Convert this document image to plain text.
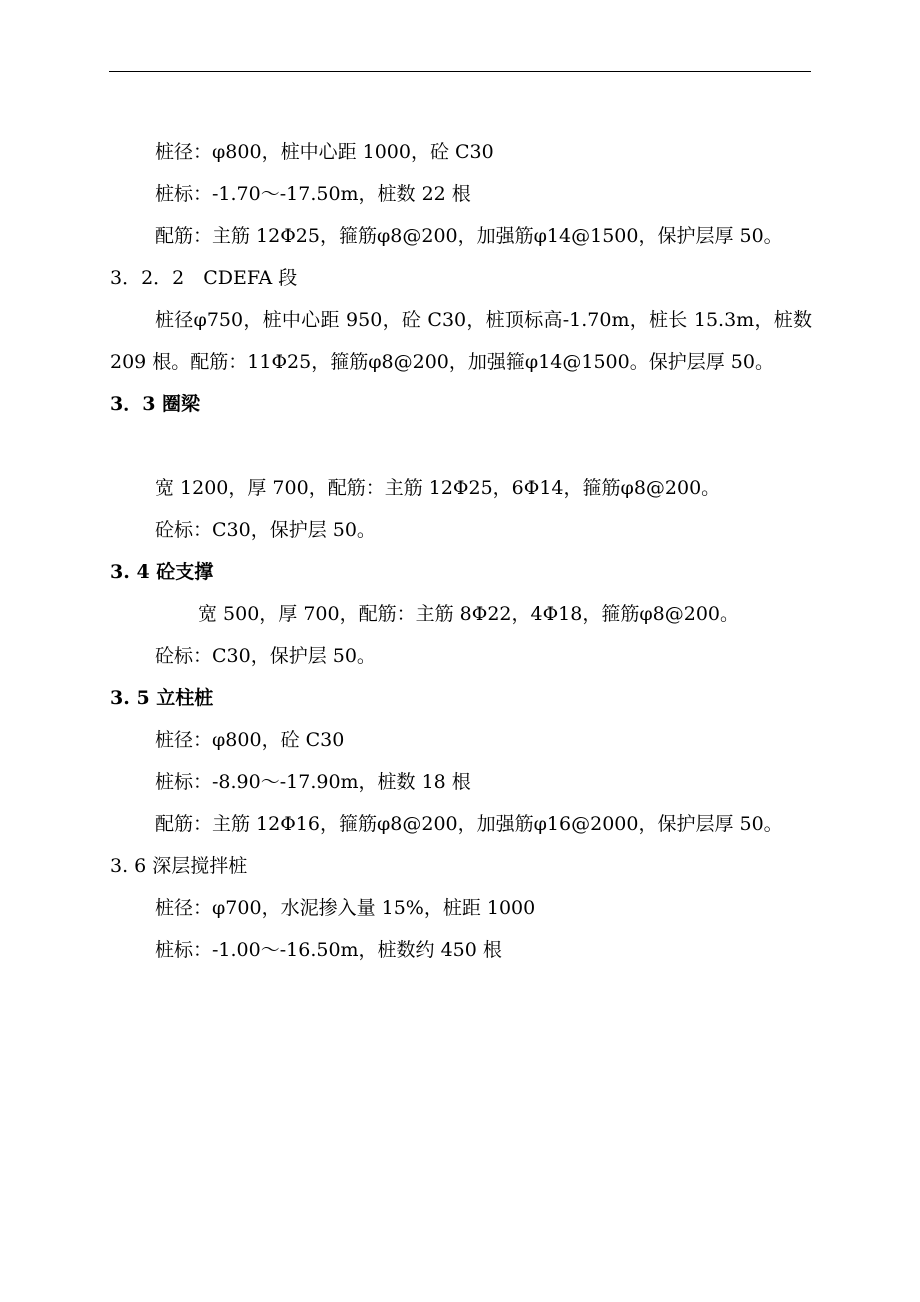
桩径：φ800，桩中心距 1000，砼 C30

桩标：-1.70～-17.50m，桩数 22 根

配筋：主筋 12Φ25，箍筋φ8@200，加强筋φ14@1500，保护层厚 50。

3．2．2　CDEFA 段

桩径φ750，桩中心距 950，砼 C30，桩顶标高-1.70m，桩长 15.3m，桩数 209 根。配筋：11Φ25，箍筋φ8@200，加强箍φ14@1500。保护层厚 50。

3．3 圈梁

宽 1200，厚 700，配筋：主筋 12Φ25，6Φ14，箍筋φ8@200。

砼标：C30，保护层 50。

3. 4 砼支撑

宽 500，厚 700，配筋：主筋 8Φ22，4Φ18，箍筋φ8@200。

砼标：C30，保护层 50。

3. 5 立柱桩

桩径：φ800，砼 C30

桩标：-8.90～-17.90m，桩数 18 根

配筋：主筋 12Φ16，箍筋φ8@200，加强筋φ16@2000，保护层厚 50。

3. 6 深层搅拌桩

桩径：φ700，水泥掺入量 15%，桩距 1000

桩标：-1.00～-16.50m，桩数约 450 根
